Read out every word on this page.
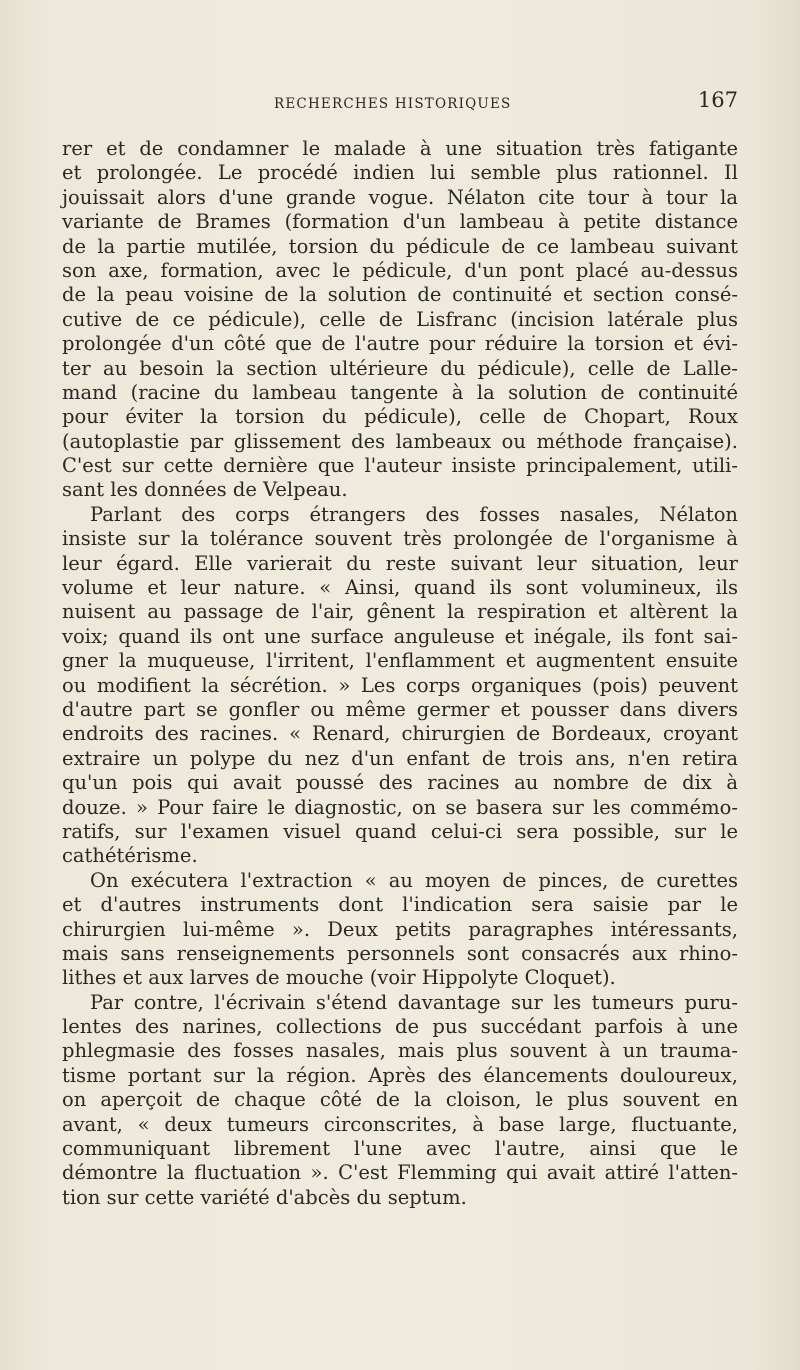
RECHERCHES HISTORIQUES	167
rer et de condamner le malade à une situation très fatigante
et prolongée. Le procédé indien lui semble plus rationnel. Il
jouissait alors d'une grande vogue. Nélaton cite tour à tour la
variante de Brames (formation d'un lambeau à petite distance
de la partie mutilée, torsion du pédicule de ce lambeau suivant
son axe, formation, avec le pédicule, d'un pont placé au-dessus
de la peau voisine de la solution de continuité et section consé-
cutive de ce pédicule), celle de Lisfranc (incision latérale plus
prolongée d'un côté que de l'autre pour réduire la torsion et évi-
ter au besoin la section ultérieure du pédicule), celle de Lalle-
mand (racine du lambeau tangente à la solution de continuité
pour éviter la torsion du pédicule), celle de Chopart, Roux
(autoplastie par glissement des lambeaux ou méthode française).
C'est sur cette dernière que l'auteur insiste principalement, utili-
sant les données de Velpeau.
Parlant des corps étrangers des fosses nasales, Nélaton
insiste sur la tolérance souvent très prolongée de l'organisme à
leur égard. Elle varierait du reste suivant leur situation, leur
volume et leur nature. « Ainsi, quand ils sont volumineux, ils
nuisent au passage de l'air, gênent la respiration et altèrent la
voix; quand ils ont une surface anguleuse et inégale, ils font sai-
gner la muqueuse, l'irritent, l'enflamment et augmentent ensuite
ou modifient la sécrétion. » Les corps organiques (pois) peuvent
d'autre part se gonfler ou même germer et pousser dans divers
endroits des racines. « Renard, chirurgien de Bordeaux, croyant
extraire un polype du nez d'un enfant de trois ans, n'en retira
qu'un pois qui avait poussé des racines au nombre de dix à
douze. » Pour faire le diagnostic, on se basera sur les commémo-
ratifs, sur l'examen visuel quand celui-ci sera possible, sur le
cathétérisme.
On exécutera l'extraction « au moyen de pinces, de curettes
et d'autres instruments dont l'indication sera saisie par le
chirurgien lui-même ». Deux petits paragraphes intéressants,
mais sans renseignements personnels sont consacrés aux rhino-
lithes et aux larves de mouche (voir Hippolyte Cloquet).
Par contre, l'écrivain s'étend davantage sur les tumeurs puru-
lentes des narines, collections de pus succédant parfois à une
phlegmasie des fosses nasales, mais plus souvent à un trauma-
tisme portant sur la région. Après des élancements douloureux,
on aperçoit de chaque côté de la cloison, le plus souvent en
avant, « deux tumeurs circonscrites, à base large, fluctuante,
communiquant librement l'une avec l'autre, ainsi que le
démontre la fluctuation ». C'est Flemming qui avait attiré l'atten-
tion sur cette variété d'abcès du septum.
